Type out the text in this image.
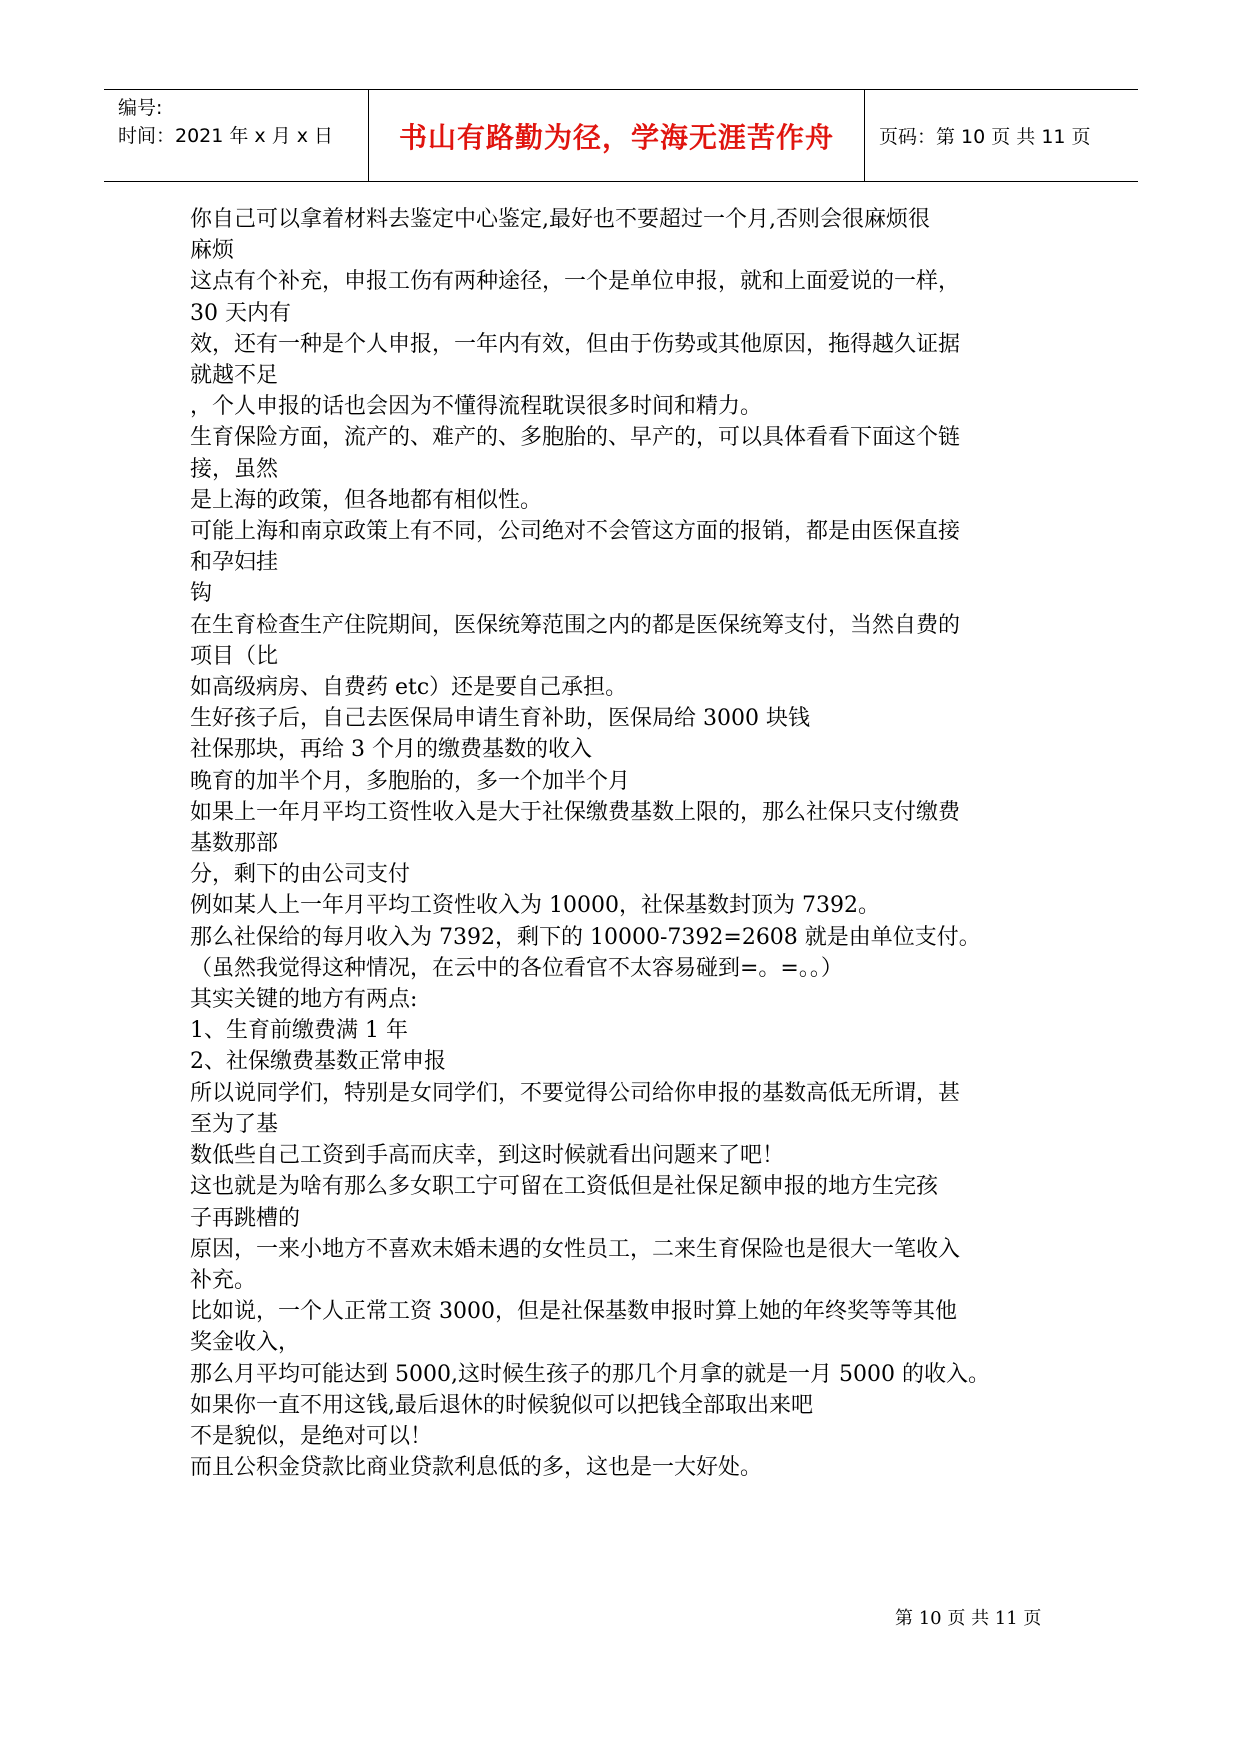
编号:
时间：2021 年 x 月 x 日	书山有路勤为径，学海无涯苦作舟 页码：第 10 页 共 11 页

你自己可以拿着材料去鉴定中心鉴定,最好也不要超过一个月,否则会很麻烦很

麻烦

这点有个补充，申报工伤有两种途径，一个是单位申报，就和上面爱说的一样，

30 天内有

效，还有一种是个人申报，一年内有效，但由于伤势或其他原因，拖得越久证据

就越不足

，个人申报的话也会因为不懂得流程耽误很多时间和精力。

生育保险方面，流产的、难产的、多胞胎的、早产的，可以具体看看下面这个链

接，虽然

是上海的政策，但各地都有相似性。

可能上海和南京政策上有不同，公司绝对不会管这方面的报销，都是由医保直接

和孕妇挂

钩

在生育检查生产住院期间，医保统筹范围之内的都是医保统筹支付，当然自费的

项目（比

如高级病房、自费药 etc）还是要自己承担。

生好孩子后，自己去医保局申请生育补助，医保局给 3000 块钱

社保那块，再给 3 个月的缴费基数的收入

晚育的加半个月，多胞胎的，多一个加半个月

如果上一年月平均工资性收入是大于社保缴费基数上限的，那么社保只支付缴费

基数那部

分，剩下的由公司支付

例如某人上一年月平均工资性收入为 10000，社保基数封顶为 7392。

那么社保给的每月收入为 7392，剩下的 10000-7392=2608 就是由单位支付。

（虽然我觉得这种情况，在云中的各位看官不太容易碰到=。=。。）

其实关键的地方有两点:

1、生育前缴费满 1 年

2、社保缴费基数正常申报

所以说同学们，特别是女同学们，不要觉得公司给你申报的基数高低无所谓，甚

至为了基

数低些自己工资到手高而庆幸，到这时候就看出问题来了吧！

这也就是为啥有那么多女职工宁可留在工资低但是社保足额申报的地方生完孩

子再跳槽的

原因，一来小地方不喜欢未婚未遇的女性员工，二来生育保险也是很大一笔收入

补充。

比如说，一个人正常工资 3000，但是社保基数申报时算上她的年终奖等等其他

奖金收入，

那么月平均可能达到 5000,这时候生孩子的那几个月拿的就是一月 5000 的收入。

如果你一直不用这钱,最后退休的时候貌似可以把钱全部取出来吧

不是貌似，是绝对可以！

而且公积金贷款比商业贷款利息低的多，这也是一大好处。

第 10 页 共 11 页
